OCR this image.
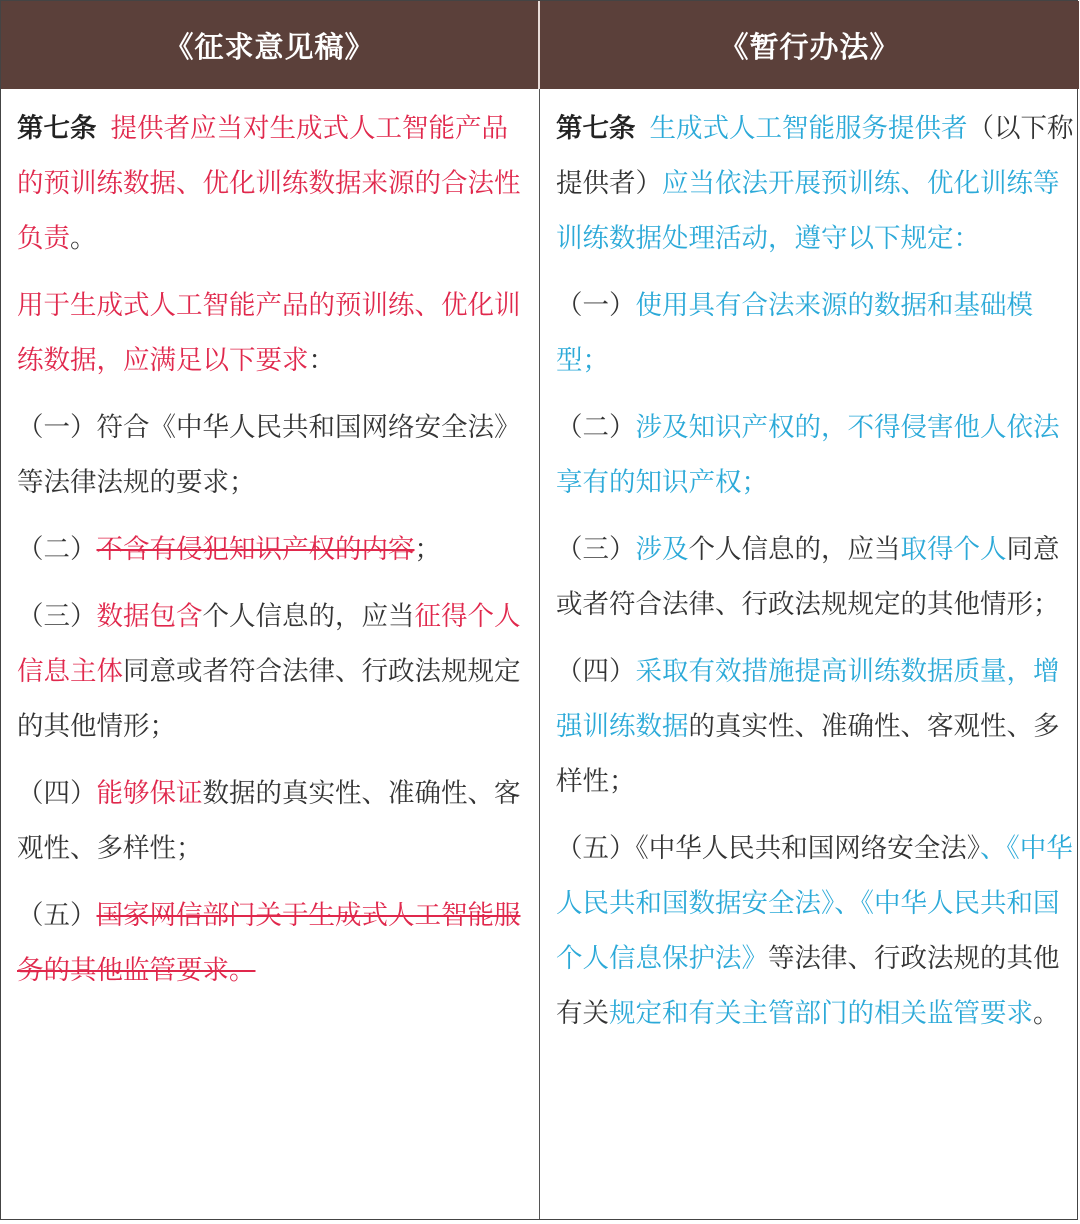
《征求意见稿》	《暂行办法》

第七条 提供者应当对生成式人工智能产品的预训练数据、优化训练数据来源的合法性负责。

用于生成式人工智能产品的预训练、优化训练数据，应满足以下要求：

（一）符合《中华人民共和国网络安全法》等法律法规的要求；

（二）不含有侵犯知识产权的内容；

（三）数据包含个人信息的，应当征得个人信息主体同意或者符合法律、行政法规规定的其他情形；

（四）能够保证数据的真实性、准确性、客观性、多样性；

（五）国家网信部门关于生成式人工智能服务的其他监管要求。

第七条 生成式人工智能服务提供者（以下称提供者）应当依法开展预训练、优化训练等训练数据处理活动，遵守以下规定：

（一）使用具有合法来源的数据和基础模型；

（二）涉及知识产权的，不得侵害他人依法享有的知识产权；

（三）涉及个人信息的，应当取得个人同意或者符合法律、行政法规规定的其他情形；

（四）采取有效措施提高训练数据质量，增强训练数据的真实性、准确性、客观性、多样性；

（五）《中华人民共和国网络安全法》、《中华人民共和国数据安全法》、《中华人民共和国个人信息保护法》等法律、行政法规的其他有关规定和有关主管部门的相关监管要求。
